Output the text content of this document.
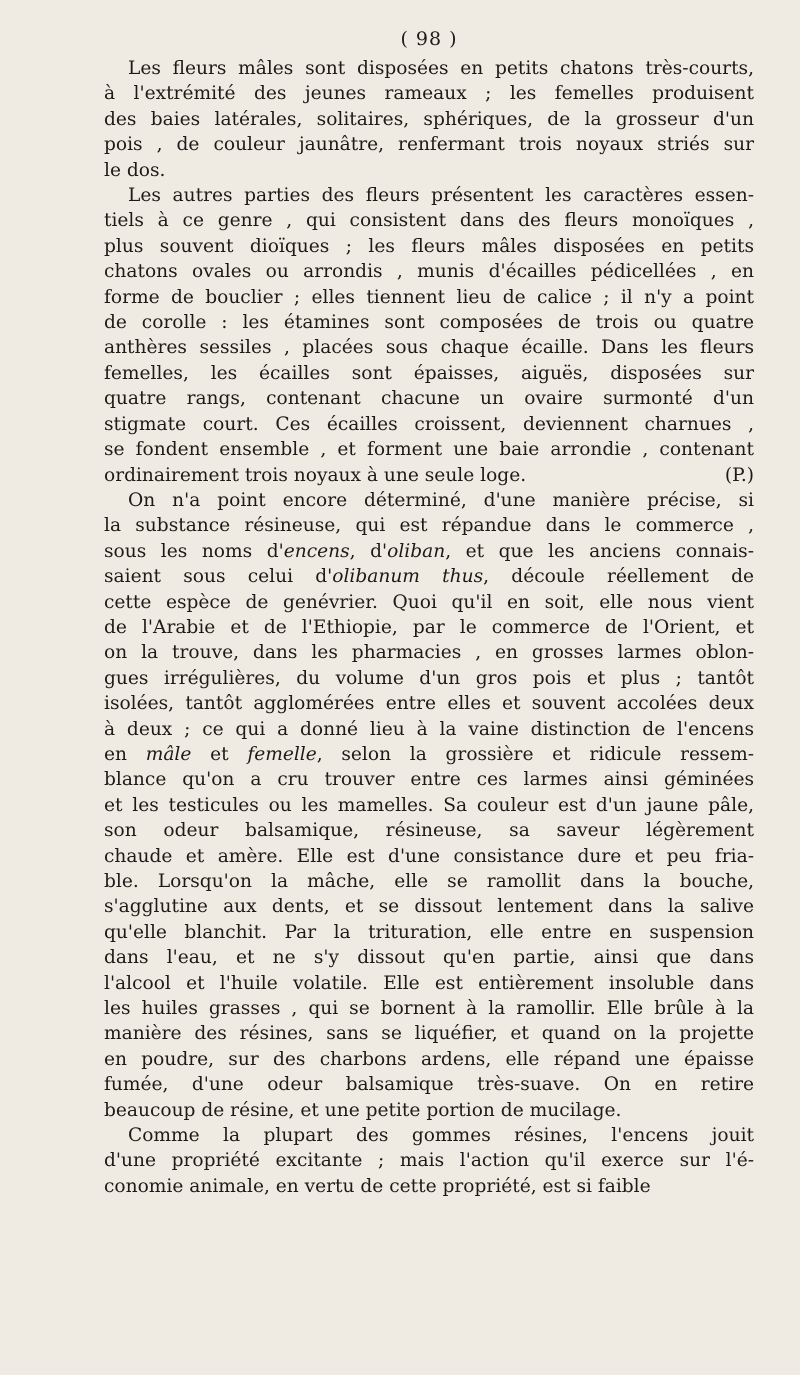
( 98 )
Les fleurs mâles sont disposées en petits chatons très-courts,
à l'extrémité des jeunes rameaux ; les femelles produisent
des baies latérales, solitaires, sphériques, de la grosseur d'un
pois , de couleur jaunâtre, renfermant trois noyaux striés sur
le dos.
Les autres parties des fleurs présentent les caractères essen-
tiels à ce genre , qui consistent dans des fleurs monoïques ,
plus souvent dioïques ; les fleurs mâles disposées en petits
chatons ovales ou arrondis , munis d'écailles pédicellées , en
forme de bouclier ; elles tiennent lieu de calice ; il n'y a point
de corolle : les étamines sont composées de trois ou quatre
anthères sessiles , placées sous chaque écaille. Dans les fleurs
femelles, les écailles sont épaisses, aiguës, disposées sur
quatre rangs, contenant chacune un ovaire surmonté d'un
stigmate court. Ces écailles croissent, deviennent charnues ,
se fondent ensemble , et forment une baie arrondie , contenant
ordinairement trois noyaux à une seule loge.	(P.)
On n'a point encore déterminé, d'une manière précise, si
la substance résineuse, qui est répandue dans le commerce ,
sous les noms d'encens, d'oliban, et que les anciens connais-
saient sous celui d'olibanum thus, découle réellement de
cette espèce de genévrier. Quoi qu'il en soit, elle nous vient
de l'Arabie et de l'Ethiopie, par le commerce de l'Orient, et
on la trouve, dans les pharmacies , en grosses larmes oblon-
gues irrégulières, du volume d'un gros pois et plus ; tantôt
isolées, tantôt agglomérées entre elles et souvent accolées deux
à deux ; ce qui a donné lieu à la vaine distinction de l'encens
en mâle et femelle, selon la grossière et ridicule ressem-
blance qu'on a cru trouver entre ces larmes ainsi géminées
et les testicules ou les mamelles. Sa couleur est d'un jaune pâle,
son odeur balsamique, résineuse, sa saveur légèrement
chaude et amère. Elle est d'une consistance dure et peu fria-
ble. Lorsqu'on la mâche, elle se ramollit dans la bouche,
s'agglutine aux dents, et se dissout lentement dans la salive
qu'elle blanchit. Par la trituration, elle entre en suspension
dans l'eau, et ne s'y dissout qu'en partie, ainsi que dans
l'alcool et l'huile volatile. Elle est entièrement insoluble dans
les huiles grasses , qui se bornent à la ramollir. Elle brûle à la
manière des résines, sans se liquéfier, et quand on la projette
en poudre, sur des charbons ardens, elle répand une épaisse
fumée, d'une odeur balsamique très-suave. On en retire
beaucoup de résine, et une petite portion de mucilage.
Comme la plupart des gommes résines, l'encens jouit
d'une propriété excitante ; mais l'action qu'il exerce sur l'é-
conomie animale, en vertu de cette propriété, est si faible
